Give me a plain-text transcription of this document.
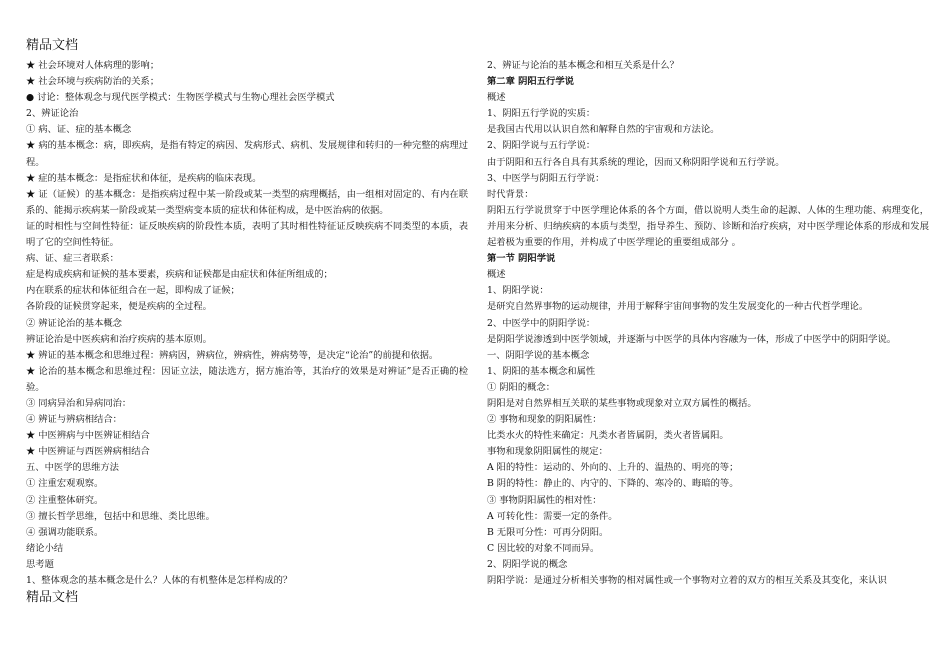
精品文档
★ 社会环境对人体病理的影响；
★ 社会环境与疾病防治的关系；
● 讨论：整体观念与现代医学模式：生物医学模式与生物心理社会医学模式
2、辨证论治
① 病、证、症的基本概念
★ 病的基本概念：病，即疾病，是指有特定的病因、发病形式、病机、发展规律和转归的一种完整的病理过程。
★ 症的基本概念：是指症状和体征，是疾病的临床表现。
★ 证（证候）的基本概念：是指疾病过程中某一阶段或某一类型的病理概括，由一组相对固定的、有内在联系的、能揭示疾病某一阶段或某一类型病变本质的症状和体征构成，是中医治病的依据。
证的时相性与空间性特征：证反映疾病的阶段性本质，表明了其时相性特征证反映疾病不同类型的本质，表明了它的空间性特征。
病、证、症三者联系：
症是构成疾病和证候的基本要素，疾病和证候都是由症状和体征所组成的；
内在联系的症状和体征组合在一起，即构成了证候；
各阶段的证候贯穿起来，便是疾病的全过程。
② 辨证论治的基本概念
辨证论治是中医疾病和治疗疾病的基本原则。
★ 辨证的基本概念和思维过程：辨病因，辨病位，辨病性，辨病势等，是决定“论治”的前提和依据。
★ 论治的基本概念和思维过程：因证立法，随法选方，据方施治等，其治疗的效果是对辨证”是否正确的检验。
③ 同病异治和异病同治：
④ 辨证与辨病相结合：
★ 中医辨病与中医辨证相结合
★ 中医辨证与西医辨病相结合
五、中医学的思维方法
① 注重宏观观察。
② 注重整体研究。
③ 擅长哲学思维，包括中和思维、类比思维。
④ 强调功能联系。
绪论小结
思考题
1、整体观念的基本概念是什么？人体的有机整体是怎样构成的？
2、辨证与论治的基本概念和相互关系是什么？
第二章 阴阳五行学说
概述
1、阴阳五行学说的实质：
是我国古代用以认识自然和解释自然的宇宙观和方法论。
2、阴阳学说与五行学说：
由于阴阳和五行各自具有其系统的理论，因而又称阴阳学说和五行学说。
3、中医学与阴阳五行学说：
时代背景：
阴阳五行学说贯穿于中医学理论体系的各个方面，借以说明人类生命的起源、人体的生理功能、病理变化，并用来分析、归纳疾病的本质与类型，指导养生、预防、诊断和治疗疾病，对中医学理论体系的形成和发展起着极为重要的作用，并构成了中医学理论的重要组成部分 。
第一节 阴阳学说
概述
1、阴阳学说：
是研究自然界事物的运动规律，并用于解释宇宙间事物的发生发展变化的一种古代哲学理论。
2、中医学中的阴阳学说：
是阴阳学说渗透到中医学领域，并逐渐与中医学的具体内容融为一体，形成了中医学中的阴阳学说。
一、阴阳学说的基本概念
1、阴阳的基本概念和属性
① 阴阳的概念：
阴阳是对自然界相互关联的某些事物或现象对立双方属性的概括。
② 事物和现象的阴阳属性：
比类水火的特性来确定：凡类水者皆属阴，类火者皆属阳。
事物和现象阴阳属性的规定：
A 阳的特性：运动的、外向的、上升的、温热的、明亮的等；
B 阴的特性：静止的、内守的、下降的、寒冷的、晦暗的等。
③ 事物阴阳属性的相对性：
A 可转化性：需要一定的条件。
B 无限可分性：可再分阴阳。
C 因比较的对象不同而异。
2、阴阳学说的概念
阴阳学说：是通过分析相关事物的相对属性或一个事物对立着的双方的相互关系及其变化，来认识
精品文档
